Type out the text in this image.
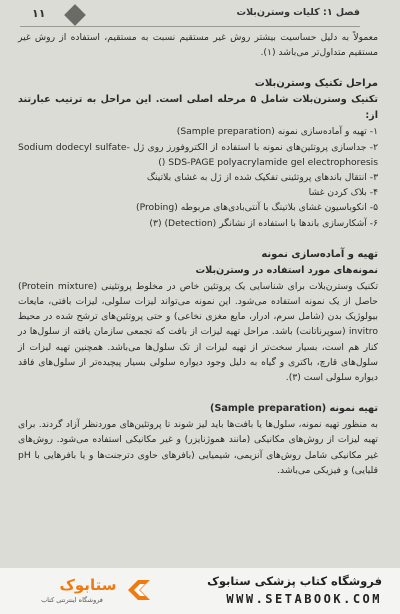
۱۱	فصل ۱: کلیات وسترن‌بلات

معمولاً به دلیل حساسیت بیشتر روش غیر مستقیم نسبت به مستقیم، استفاده از روش غیر مستقیم متداول‌تر می‌باشد (۱).

مراحل تکنیک وسترن‌بلات

تکنیک وسترن‌بلات شامل ۵ مرحله اصلی است. این مراحل به ترتیب عبارتند از:

۱- تهیه و آماده‌سازی نمونه (Sample preparation)

۲- جداسازی پروتئین‌های نمونه با استفاده از الکتروفورز روی ژل Sodium dodecyl sulfate- ) SDS-PAGE polyacrylamide gel electrophoresis)

۳- انتقال باندهای پروتئینی تفکیک شده از ژل به غشای بلاتینگ

۴- بلاک کردن غشا

۵- انکوباسیون غشای بلاتینگ با آنتی‌بادی‌های مربوطه (Probing)

۶- آشکارسازی باندها با استفاده از نشانگر (Detection) (۳)

تهیه و آماده‌سازی نمونه

نمونه‌های مورد استفاده در وسترن‌بلات

تکنیک وسترن‌بلات برای شناسایی یک پروتئین خاص در مخلوط پروتئینی (Protein mixture) حاصل از یک نمونه استفاده می‌شود. این نمونه می‌تواند لیزات سلولی، لیزات بافتی، مایعات بیولوژیک بدن (شامل سرم، ادرار، مایع مغزی نخاعی) و حتی پروتئین‌های ترشح شده در محیط invitro (سوپرناتانت) باشد. مراحل تهیه لیزات از بافت که تجمعی سازمان یافته از سلول‌ها در کنار هم است، بسیار سخت‌تر از تهیه لیزات از تک سلول‌ها می‌باشد. همچنین تهیه لیزات از سلول‌های قارچ، باکتری و گیاه به دلیل وجود دیواره سلولی بسیار پیچیده‌تر از سلول‌های فاقد دیواره سلولی است (۳).

تهیه نمونه (Sample preparation)

به منظور تهیه نمونه، سلول‌ها یا بافت‌ها باید لیز شوند تا پروتئین‌های موردنظر آزاد گردند. برای تهیه لیزات از روش‌های مکانیکی (مانند هموژنایزر) و غیر مکانیکی استفاده می‌شود. روش‌های غیر مکانیکی شامل روش‌های آنزیمی، شیمیایی (بافرهای حاوی دترجنت‌ها و یا بافرهایی با pH قلیایی) و فیزیکی می‌باشد.

ستابوک
فروشگاه اینترنتی کتاب
فروشگاه کتاب پزشکی ستابوک
WWW.SETABOOK.COM
